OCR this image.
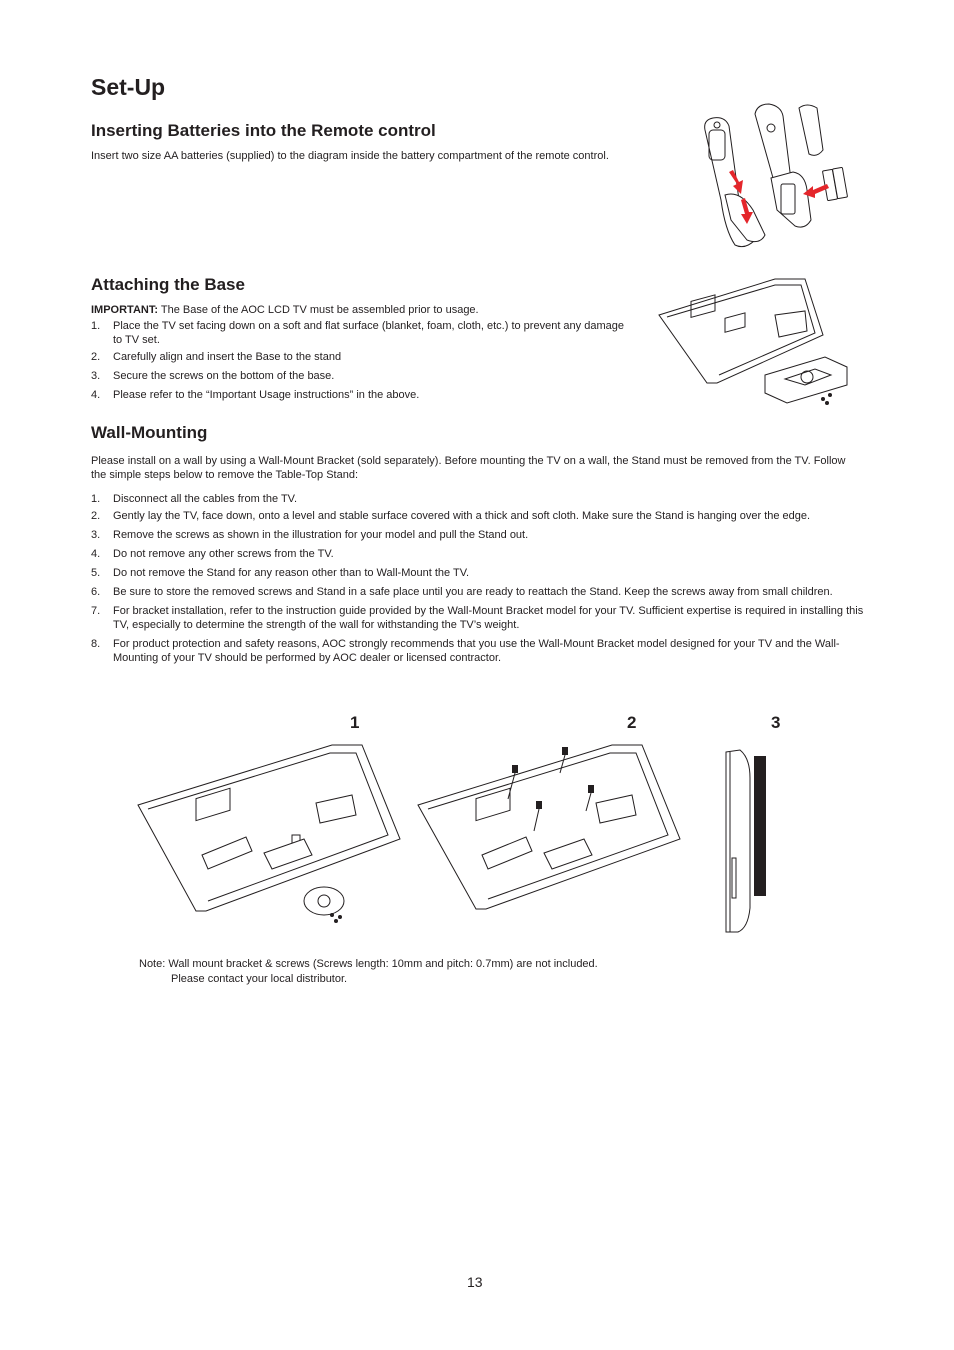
Set-Up
Inserting Batteries into the Remote control
Insert two size AA batteries (supplied) to the diagram inside the battery compartment of the remote control.
Attaching the Base
IMPORTANT: The Base of the AOC LCD TV must be assembled prior to usage.
1. Place the TV set facing down on a soft and flat surface (blanket, foam, cloth, etc.) to prevent any damage to TV set.
2. Carefully align and insert the Base to the stand
3. Secure the screws on the bottom of the base.
4. Please refer to the “Important Usage instructions” in the above.
Wall-Mounting
Please install on a wall by using a Wall-Mount Bracket (sold separately). Before mounting the TV on a wall, the Stand must be removed from the TV. Follow the simple steps below to remove the Table-Top Stand:
1. Disconnect all the cables from the TV.
2. Gently lay the TV, face down, onto a level and stable surface covered with a thick and soft cloth. Make sure the Stand is hanging over the edge.
3. Remove the screws as shown in the illustration for your model and pull the Stand out.
4. Do not remove any other screws from the TV.
5. Do not remove the Stand for any reason other than to Wall-Mount the TV.
6. Be sure to store the removed screws and Stand in a safe place until you are ready to reattach the Stand. Keep the screws away from small children.
7. For bracket installation, refer to the instruction guide provided by the Wall-Mount Bracket model for your TV. Sufficient expertise is required in installing this TV, especially to determine the strength of the wall for withstanding the TV’s weight.
8. For product protection and safety reasons, AOC strongly recommends that you use the Wall-Mount Bracket model designed for your TV and the Wall-Mounting of your TV should be performed by AOC dealer or licensed contractor.
1	2	3
Note: Wall mount bracket & screws (Screws length: 10mm and pitch: 0.7mm) are not included.
Please contact your local distributor.
13
